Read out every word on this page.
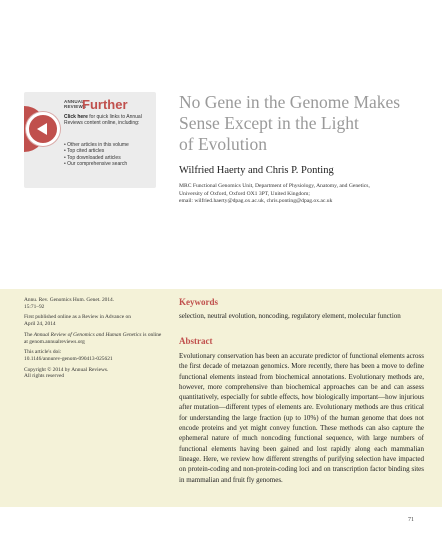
ANNUAL
REVIEWS
Further
Click here for quick links to Annual Reviews content online, including:
• Other articles in this volume
• Top cited articles
• Top downloaded articles
• Our comprehensive search
No Gene in the Genome Makes
Sense Except in the Light
of Evolution
Wilfried Haerty and Chris P. Ponting
MRC Functional Genomics Unit, Department of Physiology, Anatomy, and Genetics,
University of Oxford, Oxford OX1 3PT, United Kingdom;
email: wilfried.haerty@dpag.ox.ac.uk, chris.ponting@dpag.ox.ac.uk

Annu. Rev. Genomics Hum. Genet. 2014.
15:71–92

First published online as a Review in Advance on
April 24, 2014

The Annual Review of Genomics and Human Genetics is online at genom.annualreviews.org

This article's doi:
10.1146/annurev-genom-090413-025621

Copyright © 2014 by Annual Reviews.
All rights reserved

Keywords
selection, neutral evolution, noncoding, regulatory element, molecular function
Abstract
Evolutionary conservation has been an accurate predictor of functional elements across the first decade of metazoan genomics. More recently, there has been a move to define functional elements instead from biochemical annotations. Evolutionary methods are, however, more comprehensive than biochemical approaches can be and can assess quantitatively, especially for subtle effects, how biologically important—how injurious after mutation—different types of elements are. Evolutionary methods are thus critical for understanding the large fraction (up to 10%) of the human genome that does not encode proteins and yet might convey function. These methods can also capture the ephemeral nature of much noncoding functional sequence, with large numbers of functional elements having been gained and lost rapidly along each mammalian lineage. Here, we review how different strengths of purifying selection have impacted on protein-coding and non-protein-coding loci and on transcription factor binding sites in mammalian and fruit fly genomes.
71
